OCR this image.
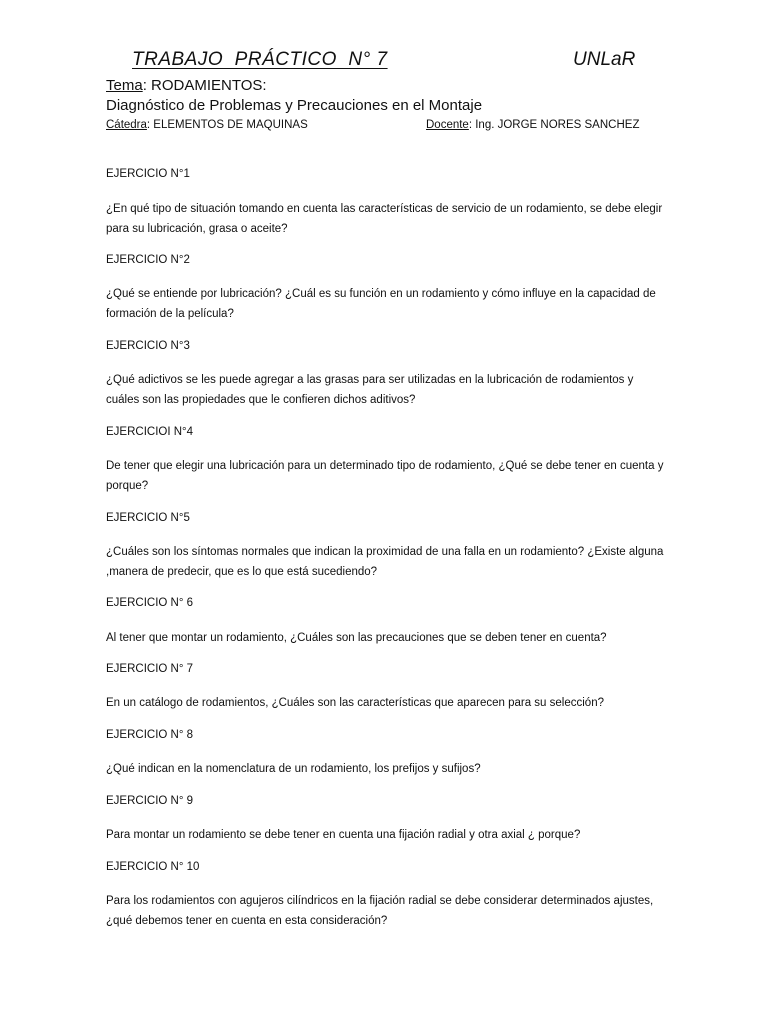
TRABAJO  PRÁCTICO  N° 7	UNLaR
Tema: RODAMIENTOS:
Diagnóstico de Problemas y Precauciones en el Montaje
Cátedra: ELEMENTOS DE MAQUINAS	Docente: Ing. JORGE NORES SANCHEZ
EJERCICIO N°1
¿En qué tipo de situación tomando en cuenta las características de servicio de un rodamiento, se debe elegir para su lubricación, grasa o aceite?
EJERCICIO N°2
¿Qué se entiende por lubricación? ¿Cuál es su función en un rodamiento y cómo influye en la capacidad de formación de la película?
EJERCICIO N°3
¿Qué adictivos se les puede agregar a las grasas para ser utilizadas en la lubricación de rodamientos y cuáles son las propiedades que le confieren dichos aditivos?
EJERCICIOI N°4
De tener que elegir una lubricación para un determinado tipo de rodamiento, ¿Qué se debe tener en cuenta y porque?
EJERCICIO N°5
¿Cuáles son los síntomas normales que indican la proximidad de una falla en un rodamiento? ¿Existe alguna ,manera de predecir, que es lo que está sucediendo?
EJERCICIO N° 6
Al tener que montar un rodamiento, ¿Cuáles son las precauciones que se deben tener en cuenta?
EJERCICIO N° 7
En un catálogo de rodamientos, ¿Cuáles son las características que aparecen para su selección?
EJERCICIO N° 8
¿Qué indican en la nomenclatura de un rodamiento, los prefijos y sufijos?
EJERCICIO N° 9
Para montar un rodamiento se debe tener en cuenta una fijación radial y otra axial ¿ porque?
EJERCICIO N° 10
Para los rodamientos con agujeros cilíndricos en la fijación radial se debe considerar determinados ajustes, ¿qué debemos tener en cuenta en esta consideración?
